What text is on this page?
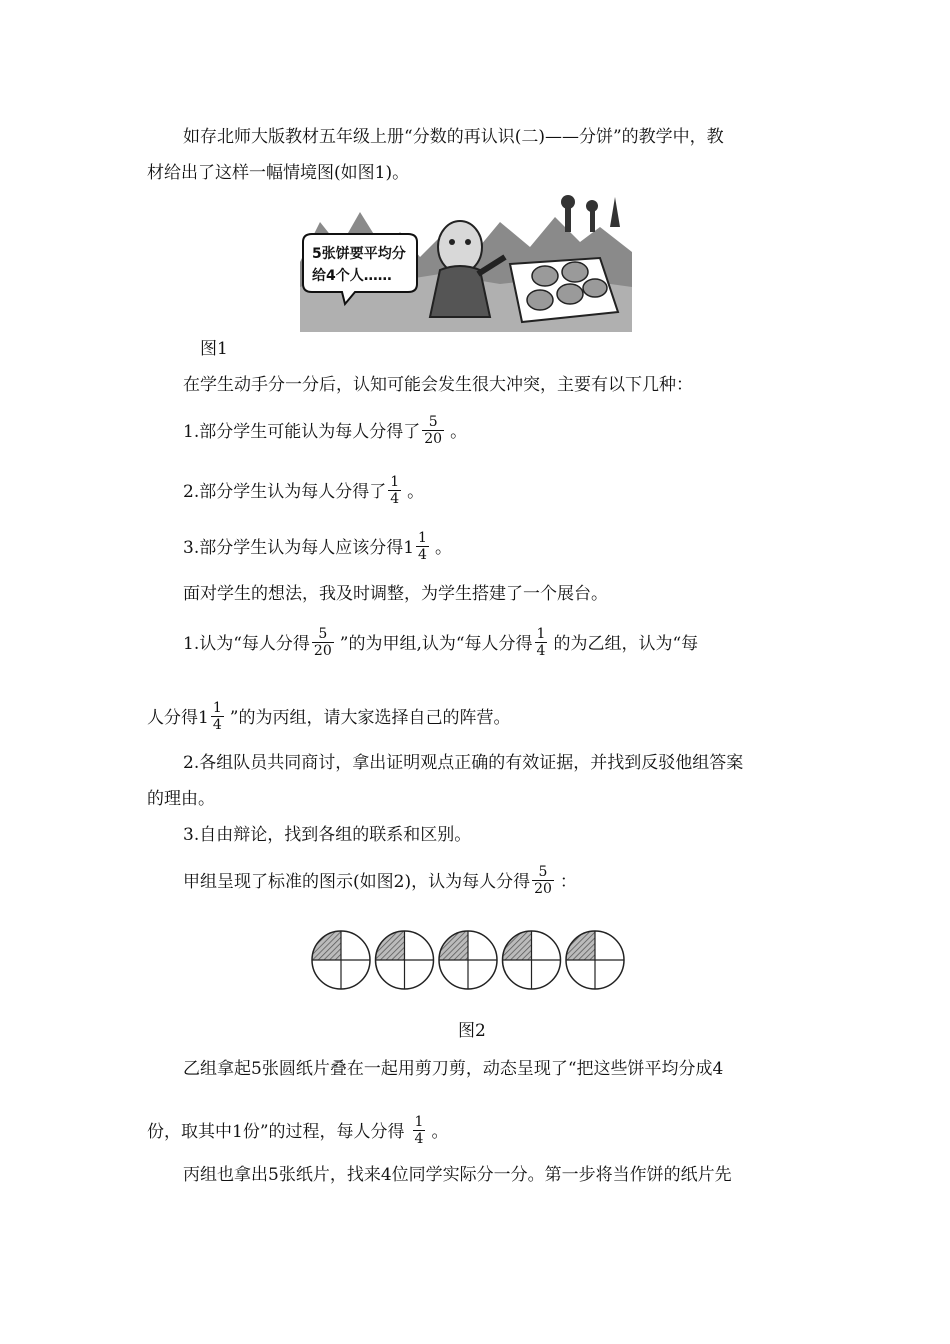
如存北师大版教材五年级上册“分数的再认识(二)——分饼”的教学中，教
材给出了这样一幅情境图(如图1)。
5张饼要平均分
给4个人……
图1
在学生动手分一分后，认知可能会发生很大冲突，主要有以下几种：
1.部分学生可能认为每人分得了 $\frac{5}{20}$ 。
2.部分学生认为每人分得了 $\frac{1}{4}$ 。
3.部分学生认为每人应该分得$1 \frac{1}{4}$ 。
面对学生的想法，我及时调整，为学生搭建了一个展台。
1.认为“每人分得 $\frac{5}{20}$ ”的为甲组,认为“每人分得 $\frac{1}{4}$ 的为乙组，认为“每
人分得$1 \frac{1}{4}$ ”的为丙组，请大家选择自己的阵营。
2.各组队员共同商讨，拿出证明观点正确的有效证据，并找到反驳他组答案
的理由。
3.自由辩论，找到各组的联系和区别。
甲组呈现了标准的图示(如图2)，认为每人分得 $\frac{5}{20}$ ：
图2
乙组拿起5张圆纸片叠在一起用剪刀剪，动态呈现了“把这些饼平均分成4
份，取其中1份”的过程，每人分得 $\frac{1}{4}$ 。
丙组也拿出5张纸片，找来4位同学实际分一分。第一步将当作饼的纸片先
